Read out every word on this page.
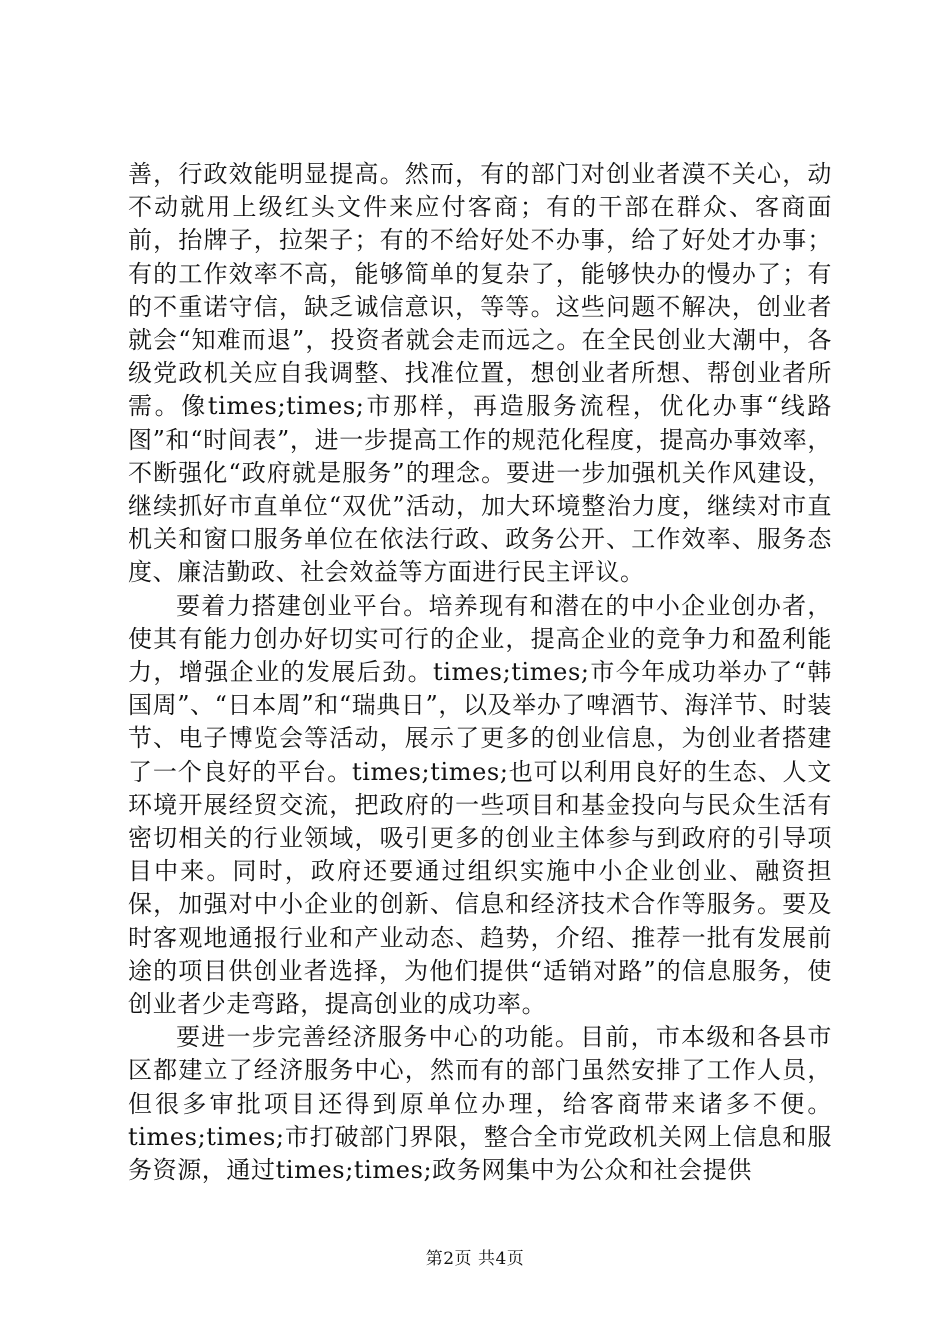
善，行政效能明显提高。然而，有的部门对创业者漠不关心，动不动就用上级红头文件来应付客商；有的干部在群众、客商面前，抬牌子，拉架子；有的不给好处不办事，给了好处才办事；有的工作效率不高，能够简单的复杂了，能够快办的慢办了；有的不重诺守信，缺乏诚信意识，等等。这些问题不解决，创业者就会“知难而退”，投资者就会走而远之。在全民创业大潮中，各级党政机关应自我调整、找准位置，想创业者所想、帮创业者所需。像times;times;市那样，再造服务流程，优化办事“线路图”和“时间表”，进一步提高工作的规范化程度，提高办事效率，不断强化“政府就是服务”的理念。要进一步加强机关作风建设，继续抓好市直单位“双优”活动，加大环境整治力度，继续对市直机关和窗口服务单位在依法行政、政务公开、工作效率、服务态度、廉洁勤政、社会效益等方面进行民主评议。

要着力搭建创业平台。培养现有和潜在的中小企业创办者，使其有能力创办好切实可行的企业，提高企业的竞争力和盈利能力，增强企业的发展后劲。times;times;市今年成功举办了“韩国周”、“日本周”和“瑞典日”，以及举办了啤酒节、海洋节、时装节、电子博览会等活动，展示了更多的创业信息，为创业者搭建了一个良好的平台。times;times;也可以利用良好的生态、人文环境开展经贸交流，把政府的一些项目和基金投向与民众生活有密切相关的行业领域，吸引更多的创业主体参与到政府的引导项目中来。同时，政府还要通过组织实施中小企业创业、融资担保，加强对中小企业的创新、信息和经济技术合作等服务。要及时客观地通报行业和产业动态、趋势，介绍、推荐一批有发展前途的项目供创业者选择，为他们提供“适销对路”的信息服务，使创业者少走弯路，提高创业的成功率。

要进一步完善经济服务中心的功能。目前，市本级和各县市区都建立了经济服务中心，然而有的部门虽然安排了工作人员，但很多审批项目还得到原单位办理，给客商带来诸多不便。times;times;市打破部门界限，整合全市党政机关网上信息和服务资源，通过times;times;政务网集中为公众和社会提供

第2页 共4页
